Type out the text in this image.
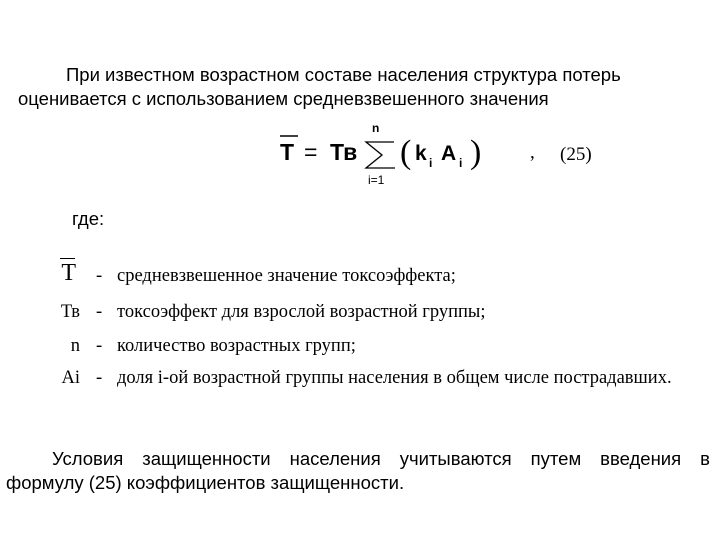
При известном возрастном составе населения структура потерь
оценивается с использованием средневзвешенного значения
T = Тв
n
i=1
( k i A i )	, (25)
где:
T - средневзвешенное значение токсоэффекта;
Тв - токсоэффект для взрослой возрастной группы;
n - количество возрастных групп;
Ai - доля i-ой возрастной группы населения в общем числе пострадавших.
Условия защищенности населения учитываются путем введения в
формулу (25) коэффициентов защищенности.
